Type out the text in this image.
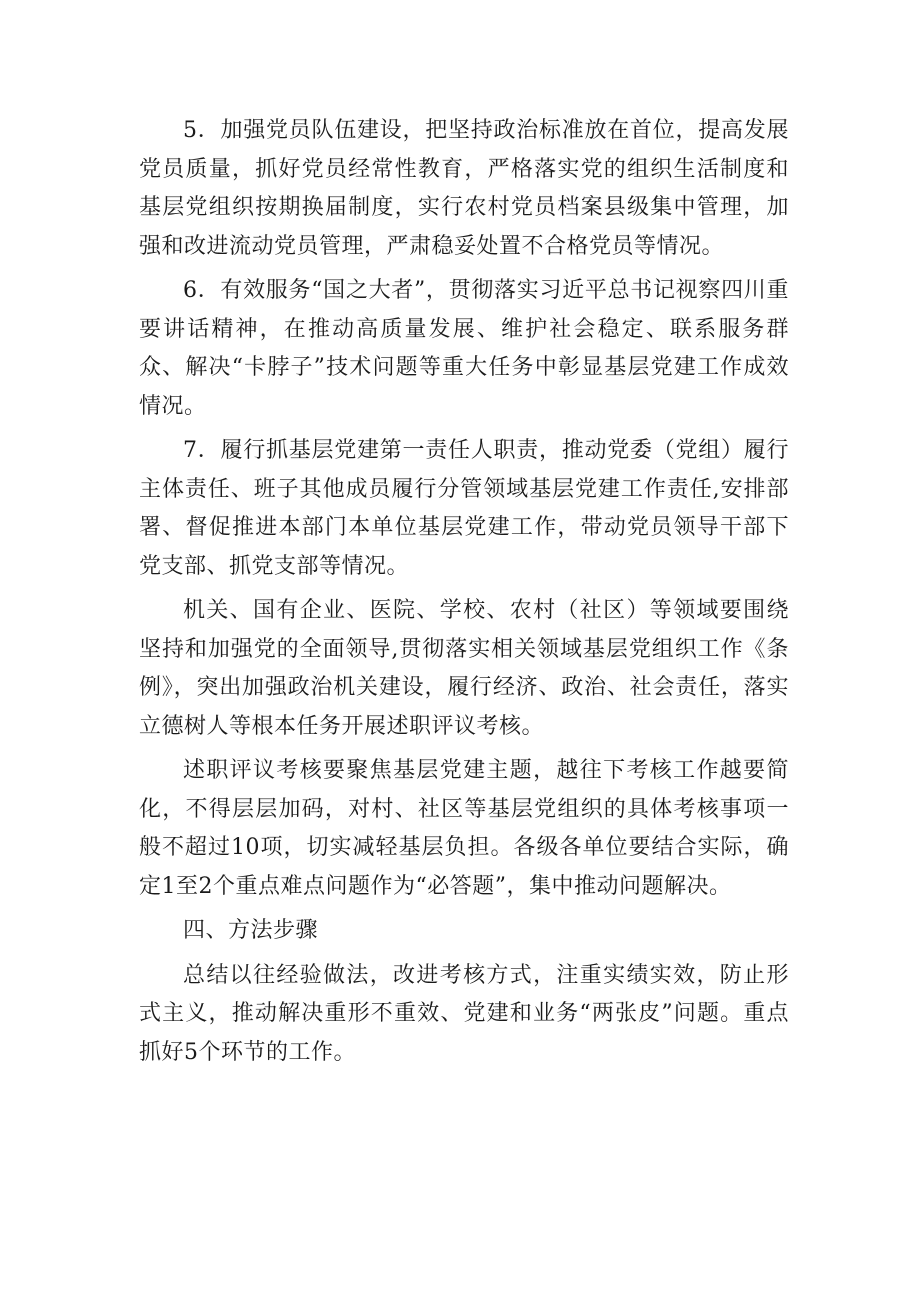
5．加强党员队伍建设，把坚持政治标准放在首位，提高发展党员质量，抓好党员经常性教育，严格落实党的组织生活制度和基层党组织按期换届制度，实行农村党员档案县级集中管理，加强和改进流动党员管理，严肃稳妥处置不合格党员等情况。

6．有效服务“国之大者”，贯彻落实习近平总书记视察四川重要讲话精神，在推动高质量发展、维护社会稳定、联系服务群众、解决“卡脖子”技术问题等重大任务中彰显基层党建工作成效情况。

7．履行抓基层党建第一责任人职责，推动党委（党组）履行主体责任、班子其他成员履行分管领域基层党建工作责任,安排部署、督促推进本部门本单位基层党建工作，带动党员领导干部下党支部、抓党支部等情况。

机关、国有企业、医院、学校、农村（社区）等领域要围绕坚持和加强党的全面领导,贯彻落实相关领域基层党组织工作《条例》，突出加强政治机关建设，履行经济、政治、社会责任，落实立德树人等根本任务开展述职评议考核。

述职评议考核要聚焦基层党建主题，越往下考核工作越要简化，不得层层加码，对村、社区等基层党组织的具体考核事项一般不超过10项，切实减轻基层负担。各级各单位要结合实际，确定1至2个重点难点问题作为“必答题”，集中推动问题解决。

四、方法步骤

总结以往经验做法，改进考核方式，注重实绩实效，防止形式主义，推动解决重形不重效、党建和业务“两张皮”问题。重点抓好5个环节的工作。
